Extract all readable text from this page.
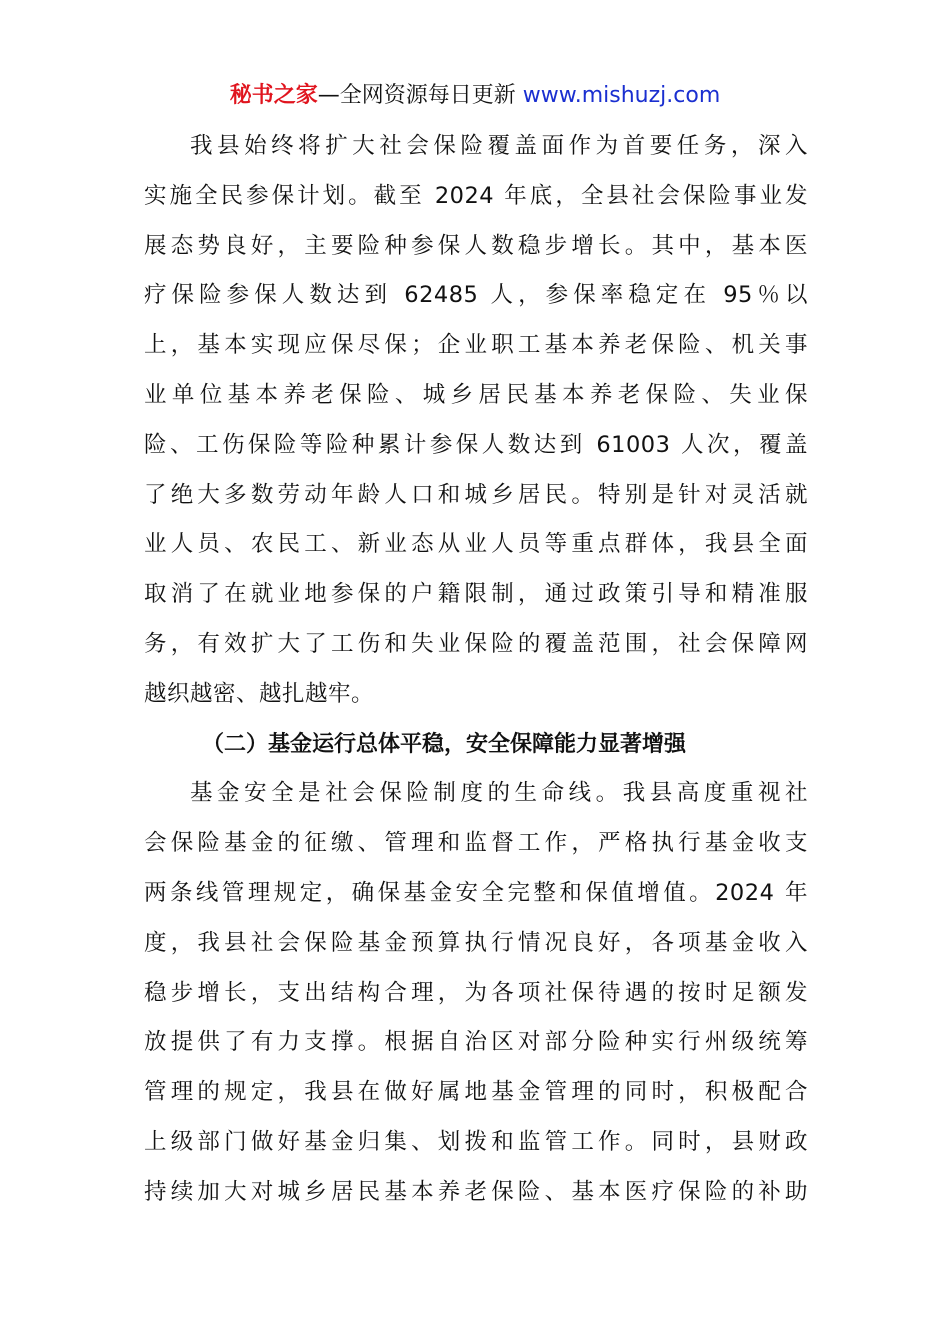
秘书之家—全网资源每日更新 www.mishuzj.com
我县始终将扩大社会保险覆盖面作为首要任务，深入
实施全民参保计划。截至 2024 年底，全县社会保险事业发
展态势良好，主要险种参保人数稳步增长。其中，基本医
疗保险参保人数达到 62485 人，参保率稳定在 95％以
上，基本实现应保尽保；企业职工基本养老保险、机关事
业单位基本养老保险、城乡居民基本养老保险、失业保
险、工伤保险等险种累计参保人数达到 61003 人次，覆盖
了绝大多数劳动年龄人口和城乡居民。特别是针对灵活就
业人员、农民工、新业态从业人员等重点群体，我县全面
取消了在就业地参保的户籍限制，通过政策引导和精准服
务，有效扩大了工伤和失业保险的覆盖范围，社会保障网
越织越密、越扎越牢。
（二）基金运行总体平稳，安全保障能力显著增强
基金安全是社会保险制度的生命线。我县高度重视社
会保险基金的征缴、管理和监督工作，严格执行基金收支
两条线管理规定，确保基金安全完整和保值增值。2024 年
度，我县社会保险基金预算执行情况良好，各项基金收入
稳步增长，支出结构合理，为各项社保待遇的按时足额发
放提供了有力支撑。根据自治区对部分险种实行州级统筹
管理的规定，我县在做好属地基金管理的同时，积极配合
上级部门做好基金归集、划拨和监管工作。同时，县财政
持续加大对城乡居民基本养老保险、基本医疗保险的补助
